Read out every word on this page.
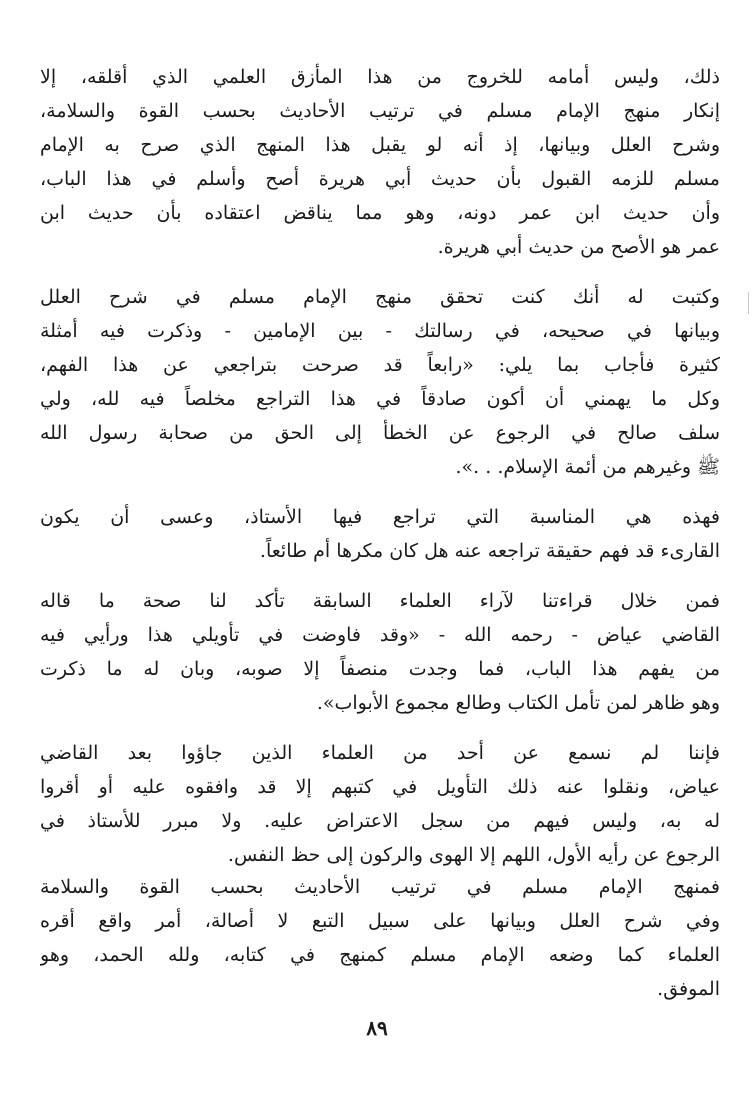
ذلك، وليس أمامه للخروج من هذا المأزق العلمي الذي أقلقه، إلا

إنكار منهج الإمام مسلم في ترتيب الأحاديث بحسب القوة والسلامة،

وشرح العلل وبيانها، إذ أنه لو يقبل هذا المنهج الذي صرح به الإمام

مسلم للزمه القبول بأن حديث أبي هريرة أصح وأسلم في هذا الباب،

وأن حديث ابن عمر دونه، وهو مما يناقض اعتقاده بأن حديث ابن

عمر هو الأصح من حديث أبي هريرة.

وكتبت له أنك كنت تحقق منهج الإمام مسلم في شرح العلل

وبيانها في صحيحه، في رسالتك - بين الإمامين - وذكرت فيه أمثلة

كثيرة فأجاب بما يلي: «رابعاً قد صرحت بتراجعي عن هذا الفهم،

وكل ما يهمني أن أكون صادقاً في هذا التراجع مخلصاً فيه لله، ولي

سلف صالح في الرجوع عن الخطأ إلى الحق من صحابة رسول الله

ﷺ وغيرهم من أئمة الإسلام. . .».

فهذه هي المناسبة التي تراجع فيها الأستاذ، وعسى أن يكون

القارىء قد فهم حقيقة تراجعه عنه هل كان مكرها أم طائعاً.

فمن خلال قراءتنا لآراء العلماء السابقة تأكد لنا صحة ما قاله

القاضي عياض - رحمه الله - «وقد فاوضت في تأويلي هذا ورأيي فيه

من يفهم هذا الباب، فما وجدت منصفاً إلا صوبه، وبان له ما ذكرت

وهو ظاهر لمن تأمل الكتاب وطالع مجموع الأبواب».

فإننا لم نسمع عن أحد من العلماء الذين جاؤوا بعد القاضي

عياض، ونقلوا عنه ذلك التأويل في كتبهم إلا قد وافقوه عليه أو أقروا

له به، وليس فيهم من سجل الاعتراض عليه. ولا مبرر للأستاذ في

الرجوع عن رأيه الأول، اللهم إلا الهوى والركون إلى حظ النفس.

فمنهج الإمام مسلم في ترتيب الأحاديث بحسب القوة والسلامة

وفي شرح العلل وبيانها على سبيل التبع لا أصالة، أمر واقع أقره

العلماء كما وضعه الإمام مسلم كمنهج في كتابه، ولله الحمد، وهو

الموفق.

٨٩
